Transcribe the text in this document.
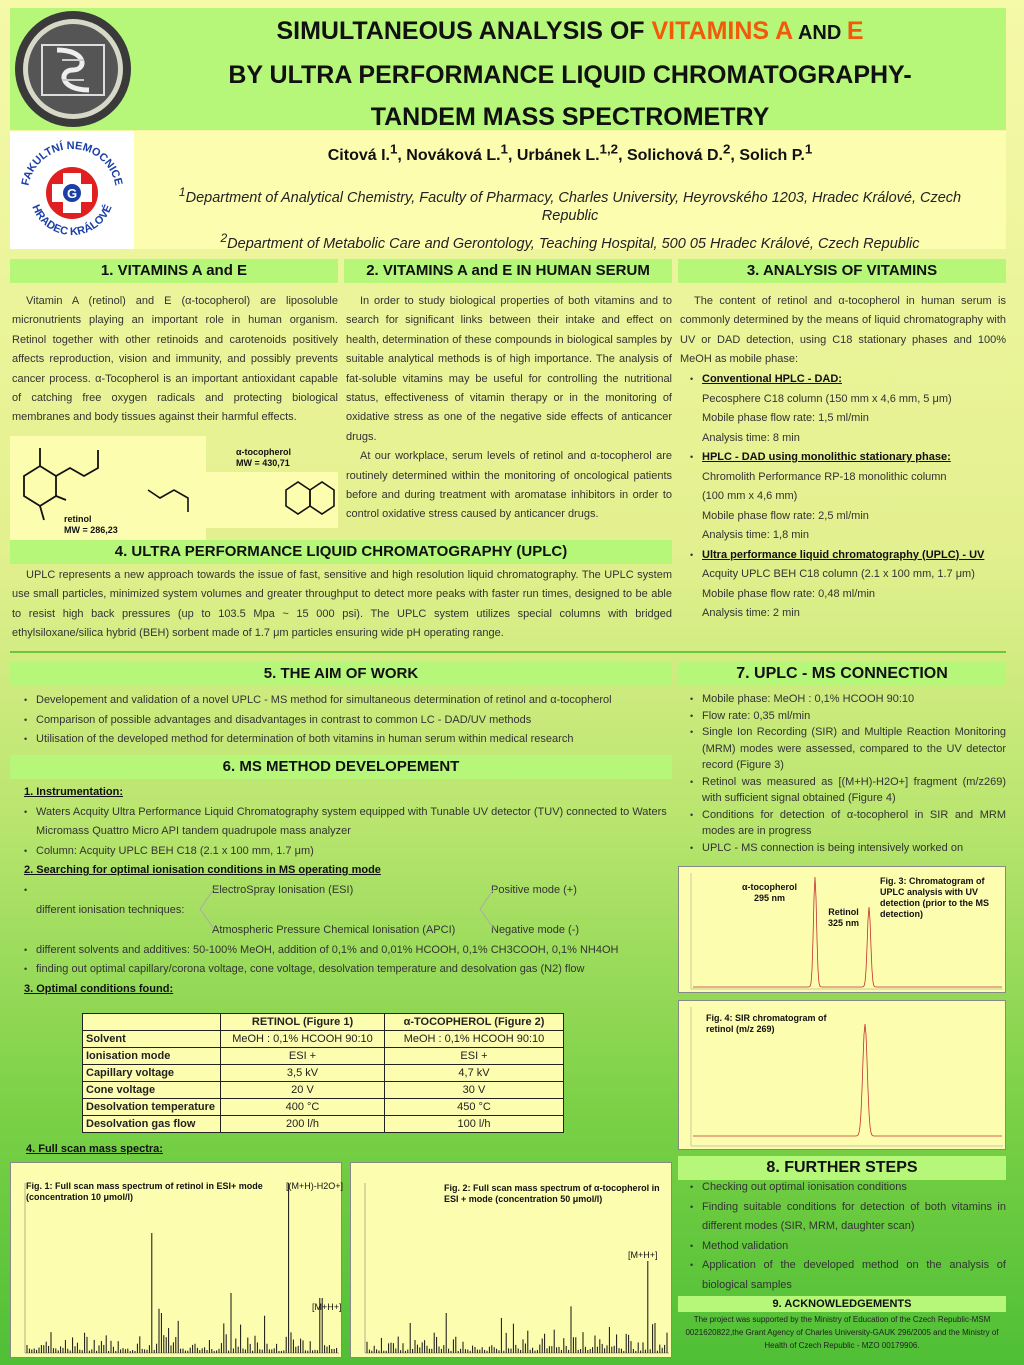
SIMULTANEOUS ANALYSIS OF VITAMINS A AND E
BY ULTRA PERFORMANCE LIQUID CHROMATOGRAPHY-
TANDEM MASS SPECTROMETRY
FAKULTNÍ NEMOCNICE
HRADEC KRÁLOVÉ
G
Citová I.$^1$, Nováková L.$^1$, Urbánek L.$^{1,2}$, Solichová D.$^2$, Solich P.$^1$
$^1$Department of Analytical Chemistry, Faculty of Pharmacy, Charles University, Heyrovského 1203, Hradec Králové, Czech Republic
$^2$Department of Metabolic Care and Gerontology, Teaching Hospital, 500 05 Hradec Králové, Czech Republic
1. VITAMINS A and E

Vitamin A (retinol) and E (α-tocopherol) are liposoluble micronutrients playing an important role in human organism. Retinol together with other retinoids and carotenoids positively affects reproduction, vision and immunity, and possibly prevents cancer process. α-Tocopherol is an important antioxidant capable of catching free oxygen radicals and protecting biological membranes and body tissues against their harmful effects.

retinol
MW = 286,23
α-tocopherol
MW = 430,71
2. VITAMINS A and E IN HUMAN SERUM

In order to study biological properties of both vitamins and to search for significant links between their intake and effect on health, determination of these compounds in biological samples by suitable analytical methods is of high importance. The analysis of fat-soluble vitamins may be useful for controlling the nutritional status, effectiveness of vitamin therapy or in the monitoring of oxidative stress as one of the negative side effects of anticancer drugs.

At our workplace, serum levels of retinol and α-tocopherol are routinely determined within the monitoring of oncological patients before and during treatment with aromatase inhibitors in order to control oxidative stress caused by anticancer drugs.

3. ANALYSIS OF VITAMINS

The content of retinol and α-tocopherol in human serum is commonly determined by the means of liquid chromatography with UV or DAD detection, using C18 stationary phases and 100% MeOH as mobile phase:

• Conventional HPLC - DAD:
Pecosphere C18 column (150 mm x 4,6 mm, 5 μm)
Mobile phase flow rate: 1,5 ml/min
Analysis time: 8 min
• HPLC - DAD using monolithic stationary phase:
Chromolith Performance RP-18 monolithic column
(100 mm x 4,6 mm)
Mobile phase flow rate: 2,5 ml/min
Analysis time: 1,8 min
• Ultra performance liquid chromatography (UPLC) - UV
Acquity UPLC BEH C18 column (2.1 x 100 mm, 1.7 μm)
Mobile phase flow rate: 0,48 ml/min
Analysis time: 2 min
4. ULTRA PERFORMANCE LIQUID CHROMATOGRAPHY (UPLC)

UPLC represents a new approach towards the issue of fast, sensitive and high resolution liquid chromatography. The UPLC system use small particles, minimized system volumes and greater throughput to detect more peaks with faster run times, designed to be able to resist high back pressures (up to 103.5 Mpa ~ 15 000 psi). The UPLC system utilizes special columns with bridged ethylsiloxane/silica hybrid (BEH) sorbent made of 1.7 μm particles ensuring wide pH operating range.

5. THE AIM OF WORK
• Developement and validation of a novel UPLC - MS method for simultaneous determination of retinol and α-tocopherol
• Comparison of possible advantages and disadvantages in contrast to common LC - DAD/UV methods
• Utilisation of the developed method for determination of both vitamins in human serum within medical research
6. MS METHOD DEVELOPEMENT
1. Instrumentation:
• Waters Acquity Ultra Performance Liquid Chromatography system equipped with Tunable UV detector (TUV) connected to Waters Micromass Quattro Micro API tandem quadrupole mass analyzer
• Column: Acquity UPLC BEH C18 (2.1 x 100 mm, 1.7 μm)
2. Searching for optimal ionisation conditions in MS operating mode
• different ionisation techniques:
ElectroSpray Ionisation (ESI)
Atmospheric Pressure Chemical Ionisation (APCI)
Positive mode (+)
Negative mode (-)
• different solvents and additives: 50-100% MeOH, addition of 0,1% and 0,01% HCOOH, 0,1% CH3COOH, 0,1% NH4OH
• finding out optimal capillary/corona voltage, cone voltage, desolvation temperature and desolvation gas (N2) flow
3. Optimal conditions found:
	RETINOL (Figure 1)	α-TOCOPHEROL (Figure 2)
Solvent	MeOH : 0,1% HCOOH 90:10	MeOH : 0,1% HCOOH 90:10
Ionisation mode	ESI +	ESI +
Capillary voltage	3,5 kV	4,7 kV
Cone voltage	20 V	30 V
Desolvation temperature	400 °C	450 °C
Desolvation gas flow	200 l/h	100 l/h
4. Full scan mass spectra:
Fig. 1: Full scan mass spectrum of retinol in ESI+ mode (concentration 10 μmol/l)
[(M+H)-H2O+]
[M+H+]
Fig. 2: Full scan mass spectrum of α-tocopherol in ESI + mode (concentration 50 μmol/l)
[M+H+]
7. UPLC - MS CONNECTION
• Mobile phase: MeOH : 0,1% HCOOH 90:10
• Flow rate: 0,35 ml/min
• Single Ion Recording (SIR) and Multiple Reaction Monitoring (MRM) modes were assessed, compared to the UV detector record (Figure 3)
• Retinol was measured as [(M+H)-H2O+] fragment (m/z269) with sufficient signal obtained (Figure 4)
• Conditions for detection of α-tocopherol in SIR and MRM modes are in progress
• UPLC - MS connection is being intensively worked on
α-tocopherol
295 nm
Retinol
325 nm
Fig. 3: Chromatogram of UPLC analysis with UV detection (prior to the MS detection)
Fig. 4: SIR chromatogram of retinol (m/z 269)
8. FURTHER STEPS
• Checking out optimal ionisation conditions
• Finding suitable conditions for detection of both vitamins in different modes (SIR, MRM, daughter scan)
• Method validation
• Application of the developed method on the analysis of biological samples
9. ACKNOWLEDGEMENTS
The project was supported by the Ministry of Education of the Czech Republic-MSM 0021620822,the Grant Agency of Charles University-GAUK 296/2005 and the Ministry of Health of Czech Republic - MZO 00179906.
